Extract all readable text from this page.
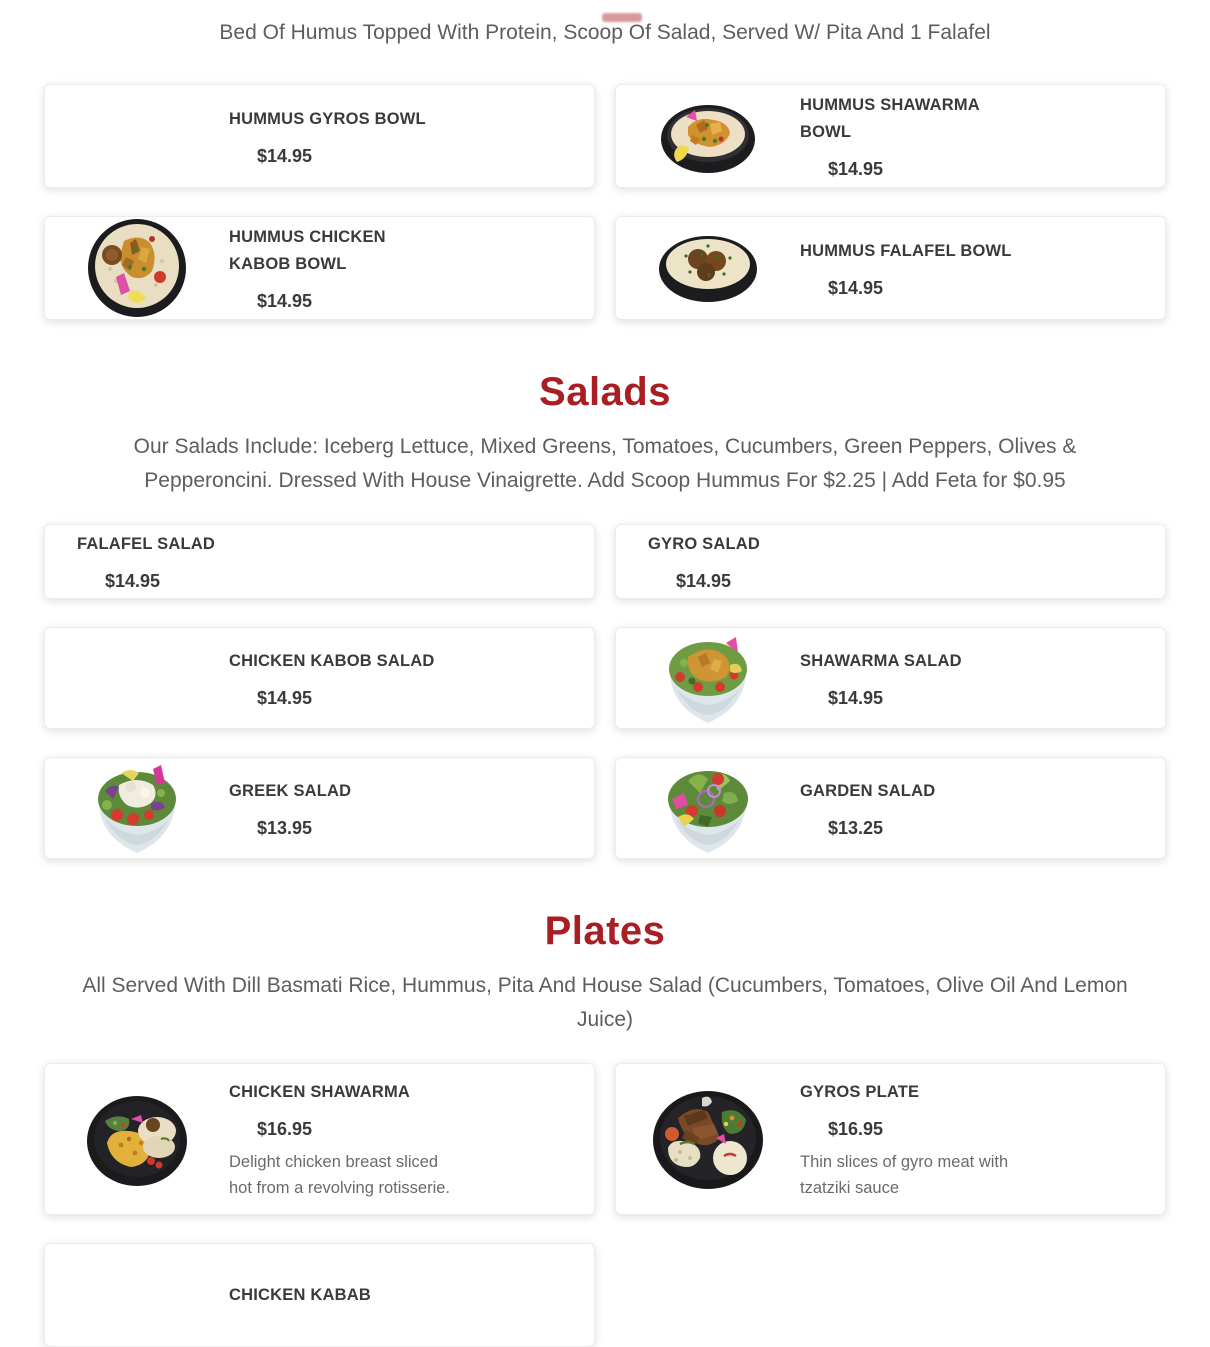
Bed Of Humus Topped With Protein, Scoop Of Salad, Served W/ Pita And 1 Falafel

HUMMUS GYROS BOWL
$14.95
HUMMUS SHAWARMA BOWL
$14.95
HUMMUS CHICKEN KABOB BOWL
$14.95
HUMMUS FALAFEL BOWL
$14.95
Salads

Our Salads Include: Iceberg Lettuce, Mixed Greens, Tomatoes, Cucumbers, Green Peppers, Olives & Pepperoncini. Dressed With House Vinaigrette. Add Scoop Hummus For $2.25 | Add Feta for $0.95

FALAFEL SALAD
$14.95
GYRO SALAD
$14.95
CHICKEN KABOB SALAD
$14.95
SHAWARMA SALAD
$14.95
GREEK SALAD
$13.95
GARDEN SALAD
$13.25
Plates

All Served With Dill Basmati Rice, Hummus, Pita And House Salad (Cucumbers, Tomatoes, Olive Oil And Lemon Juice)

CHICKEN SHAWARMA
$16.95
Delight chicken breast sliced hot from a revolving rotisserie.
GYROS PLATE
$16.95
Thin slices of gyro meat with tzatziki sauce
CHICKEN KABAB
